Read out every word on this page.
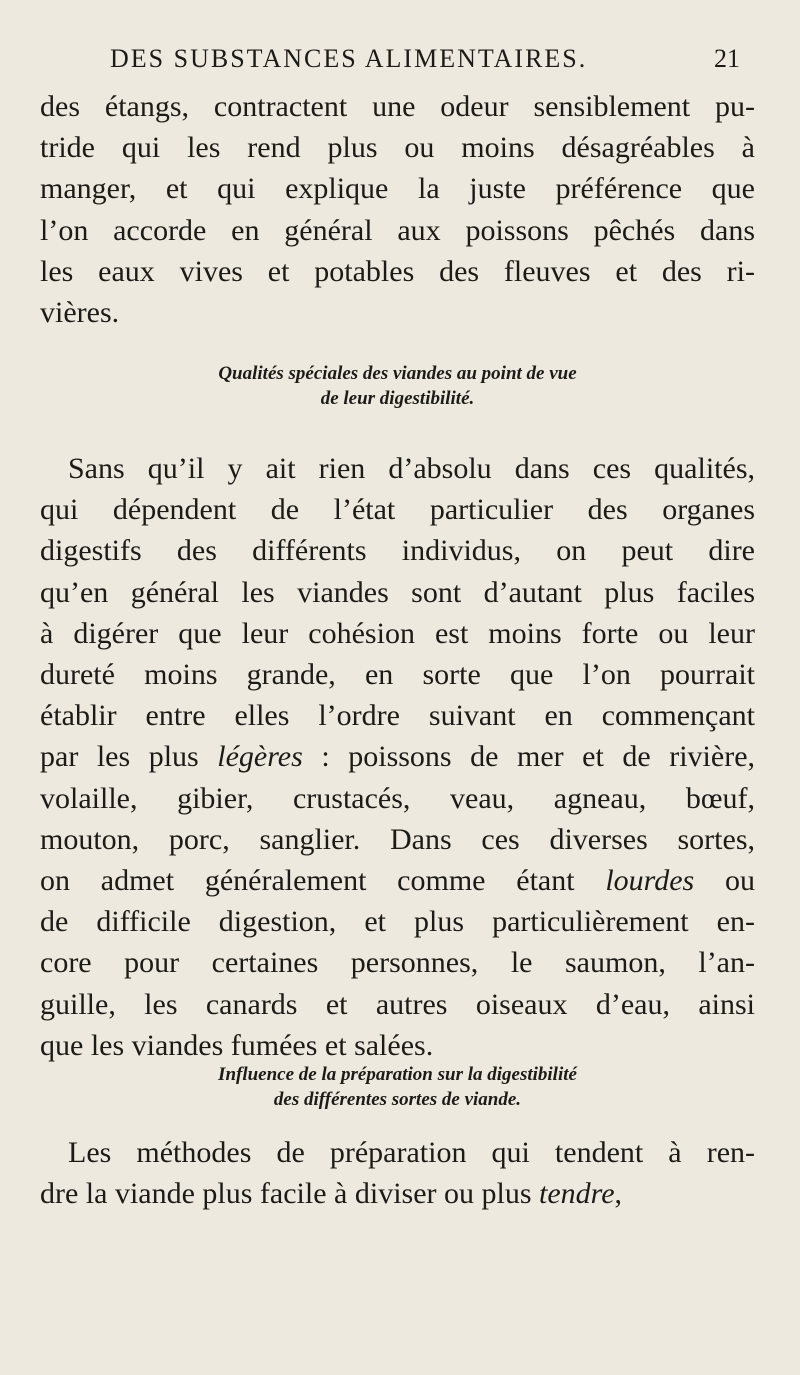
DES SUBSTANCES ALIMENTAIRES.	21
des étangs, contractent une odeur sensiblement pu-
tride qui les rend plus ou moins désagréables à
manger, et qui explique la juste préférence que
l’on accorde en général aux poissons pêchés dans
les eaux vives et potables des fleuves et des ri-
vières.
Qualités spéciales des viandes au point de vue
de leur digestibilité.
Sans qu’il y ait rien d’absolu dans ces qualités,
qui dépendent de l’état particulier des organes
digestifs des différents individus, on peut dire
qu’en général les viandes sont d’autant plus faciles
à digérer que leur cohésion est moins forte ou leur
dureté moins grande, en sorte que l’on pourrait
établir entre elles l’ordre suivant en commençant
par les plus légères : poissons de mer et de rivière,
volaille, gibier, crustacés, veau, agneau, bœuf,
mouton, porc, sanglier. Dans ces diverses sortes,
on admet généralement comme étant lourdes ou
de difficile digestion, et plus particulièrement en-
core pour certaines personnes, le saumon, l’an-
guille, les canards et autres oiseaux d’eau, ainsi
que les viandes fumées et salées.
Influence de la préparation sur la digestibilité
des différentes sortes de viande.
Les méthodes de préparation qui tendent à ren-
dre la viande plus facile à diviser ou plus tendre,
